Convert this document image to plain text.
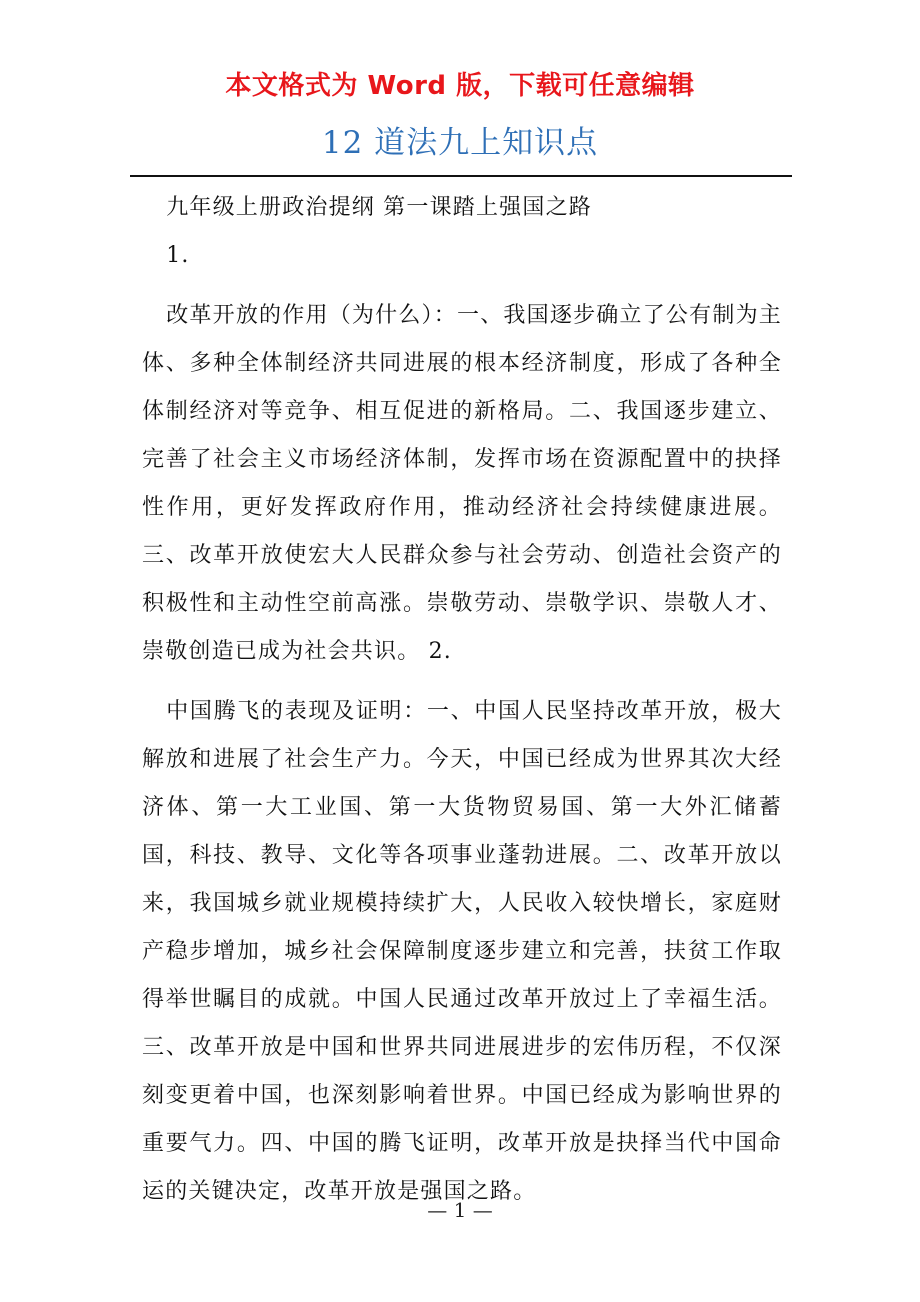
本文格式为 Word 版，下载可任意编辑
12 道法九上知识点

九年级上册政治提纲 第一课踏上强国之路

1.

改革开放的作用（为什么）：一、我国逐步确立了公有制为主体、多种全体制经济共同进展的根本经济制度，形成了各种全体制经济对等竞争、相互促进的新格局。二、我国逐步建立、完善了社会主义市场经济体制，发挥市场在资源配置中的抉择性作用，更好发挥政府作用，推动经济社会持续健康进展。三、改革开放使宏大人民群众参与社会劳动、创造社会资产的积极性和主动性空前高涨。崇敬劳动、崇敬学识、崇敬人才、崇敬创造已成为社会共识。 2.

中国腾飞的表现及证明：一、中国人民坚持改革开放，极大解放和进展了社会生产力。今天，中国已经成为世界其次大经济体、第一大工业国、第一大货物贸易国、第一大外汇储蓄国，科技、教导、文化等各项事业蓬勃进展。二、改革开放以来，我国城乡就业规模持续扩大，人民收入较快增长，家庭财产稳步增加，城乡社会保障制度逐步建立和完善，扶贫工作取得举世瞩目的成就。中国人民通过改革开放过上了幸福生活。三、改革开放是中国和世界共同进展进步的宏伟历程，不仅深刻变更着中国，也深刻影响着世界。中国已经成为影响世界的重要气力。四、中国的腾飞证明，改革开放是抉择当代中国命运的关键决定，改革开放是强国之路。

— 1 —
